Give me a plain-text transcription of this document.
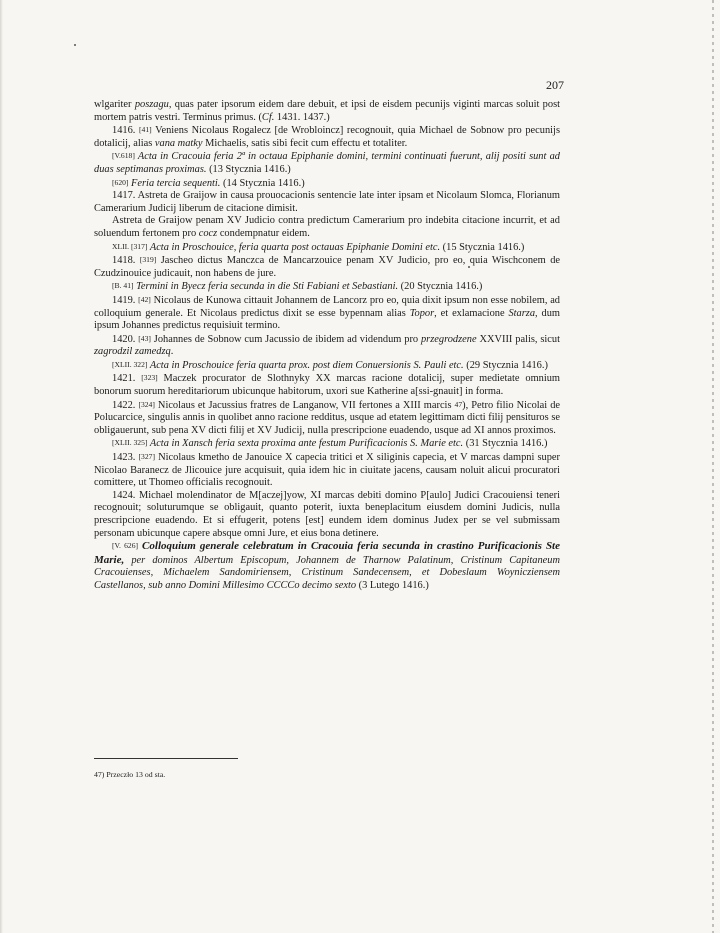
207

wlgariter poszagu, quas pater ipsorum eidem dare debuit, et ipsi de eisdem pecunijs viginti marcas soluit post mortem patris vestri. Terminus primus. (Cf. 1431. 1437.)

1416. [41] Veniens Nicolaus Rogalecz [de Wrobloincz] recognouit, quia Michael de Sobnow pro pecunijs dotalicij, alias vana matky Michaelis, satis sibi fecit cum effectu et totaliter.

[V.618] Acta in Cracouia feria 2ª in octaua Epiphanie domini, termini continuati fuerunt, alij positi sunt ad duas septimanas proximas. (13 Stycznia 1416.)

[620] Feria tercia sequenti. (14 Stycznia 1416.)

1417. Astreta de Graijow in causa prouocacionis sentencie late inter ipsam et Nicolaum Slomca, Florianum Camerarium Judicij liberum de citacione dimisit.

Astreta de Graijow penam XV Judicio contra predictum Camerarium pro indebita citacione incurrit, et ad soluendum fertonem pro cocz condempnatur eidem.

XLII. [317] Acta in Proschouice, feria quarta post octauas Epiphanie Domini etc. (15 Stycznia 1416.)

1418. [319] Jascheo dictus Manczca de Mancarzouice penam XV Judicio, pro eo, quia Wischconem de Czudzinouice judicauit, non habens de jure.

[B. 41] Termini in Byecz feria secunda in die Sti Fabiani et Sebastiani. (20 Stycznia 1416.)

1419. [42] Nicolaus de Kunowa cittauit Johannem de Lancorz pro eo, quia dixit ipsum non esse nobilem, ad colloquium generale. Et Nicolaus predictus dixit se esse bypennam alias Topor, et exlamacione Starza, dum ipsum Johannes predictus requisiuit termino.

1420. [43] Johannes de Sobnow cum Jacussio de ibidem ad videndum pro przegrodzene XXVIII palis, sicut zagrodzil zamedzq.

[XLII. 322] Acta in Proschouice feria quarta prox. post diem Conuersionis S. Pauli etc. (29 Stycznia 1416.)

1421. [323] Maczek procurator de Slothnyky XX marcas racione dotalicij, super medietate omnium bonorum suorum hereditariorum ubicunque habitorum, uxori sue Katherine a[ssi-gnauit] in forma.

1422. [324] Nicolaus et Jacussius fratres de Langanow, VII fertones a XIII marcis 47), Petro filio Nicolai de Polucarcice, singulis annis in quolibet anno racione redditus, usque ad etatem legittimam dicti filij pensituros se obligauerunt, sub pena XV dicti filij et XV Judicij, nulla prescripcione euadendo, usque ad XI annos proximos.

[XLII. 325] Acta in Xansch feria sexta proxima ante festum Purificacionis S. Marie etc. (31 Stycznia 1416.)

1423. [327] Nicolaus kmetho de Janouice X capecia tritici et X siliginis capecia, et V marcas dampni super Nicolao Baranecz de Jlicouice jure acquisuit, quia idem hic in ciuitate jacens, causam noluit alicui procuratori comittere, ut Thomeo officialis recognouit.

1424. Michael molendinator de M[aczej]yow, XI marcas debiti domino P[aulo] Judici Cracouiensi teneri recognouit; soluturumque se obligauit, quanto poterit, iuxta beneplacitum eiusdem domini Judicis, nulla prescripcione euadendo. Et si effugerit, potens [est] eundem idem dominus Judex per se vel submissam personam ubicunque capere absque omni Jure, et eius bona detinere.

[V. 626] Colloquium generale celebratum in Cracouia feria secunda in crastino Purificacionis Ste Marie, per dominos Albertum Episcopum, Johannem de Tharnow Palatinum, Cristinum Capitaneum Cracouienses, Michaelem Sandomiriensem, Cristinum Sandecensem, et Dobeslaum Woynicziensem Castellanos, sub anno Domini Millesimo CCCCo decimo sexto (3 Lutego 1416.)

47) Przeczło 13 od sta.
